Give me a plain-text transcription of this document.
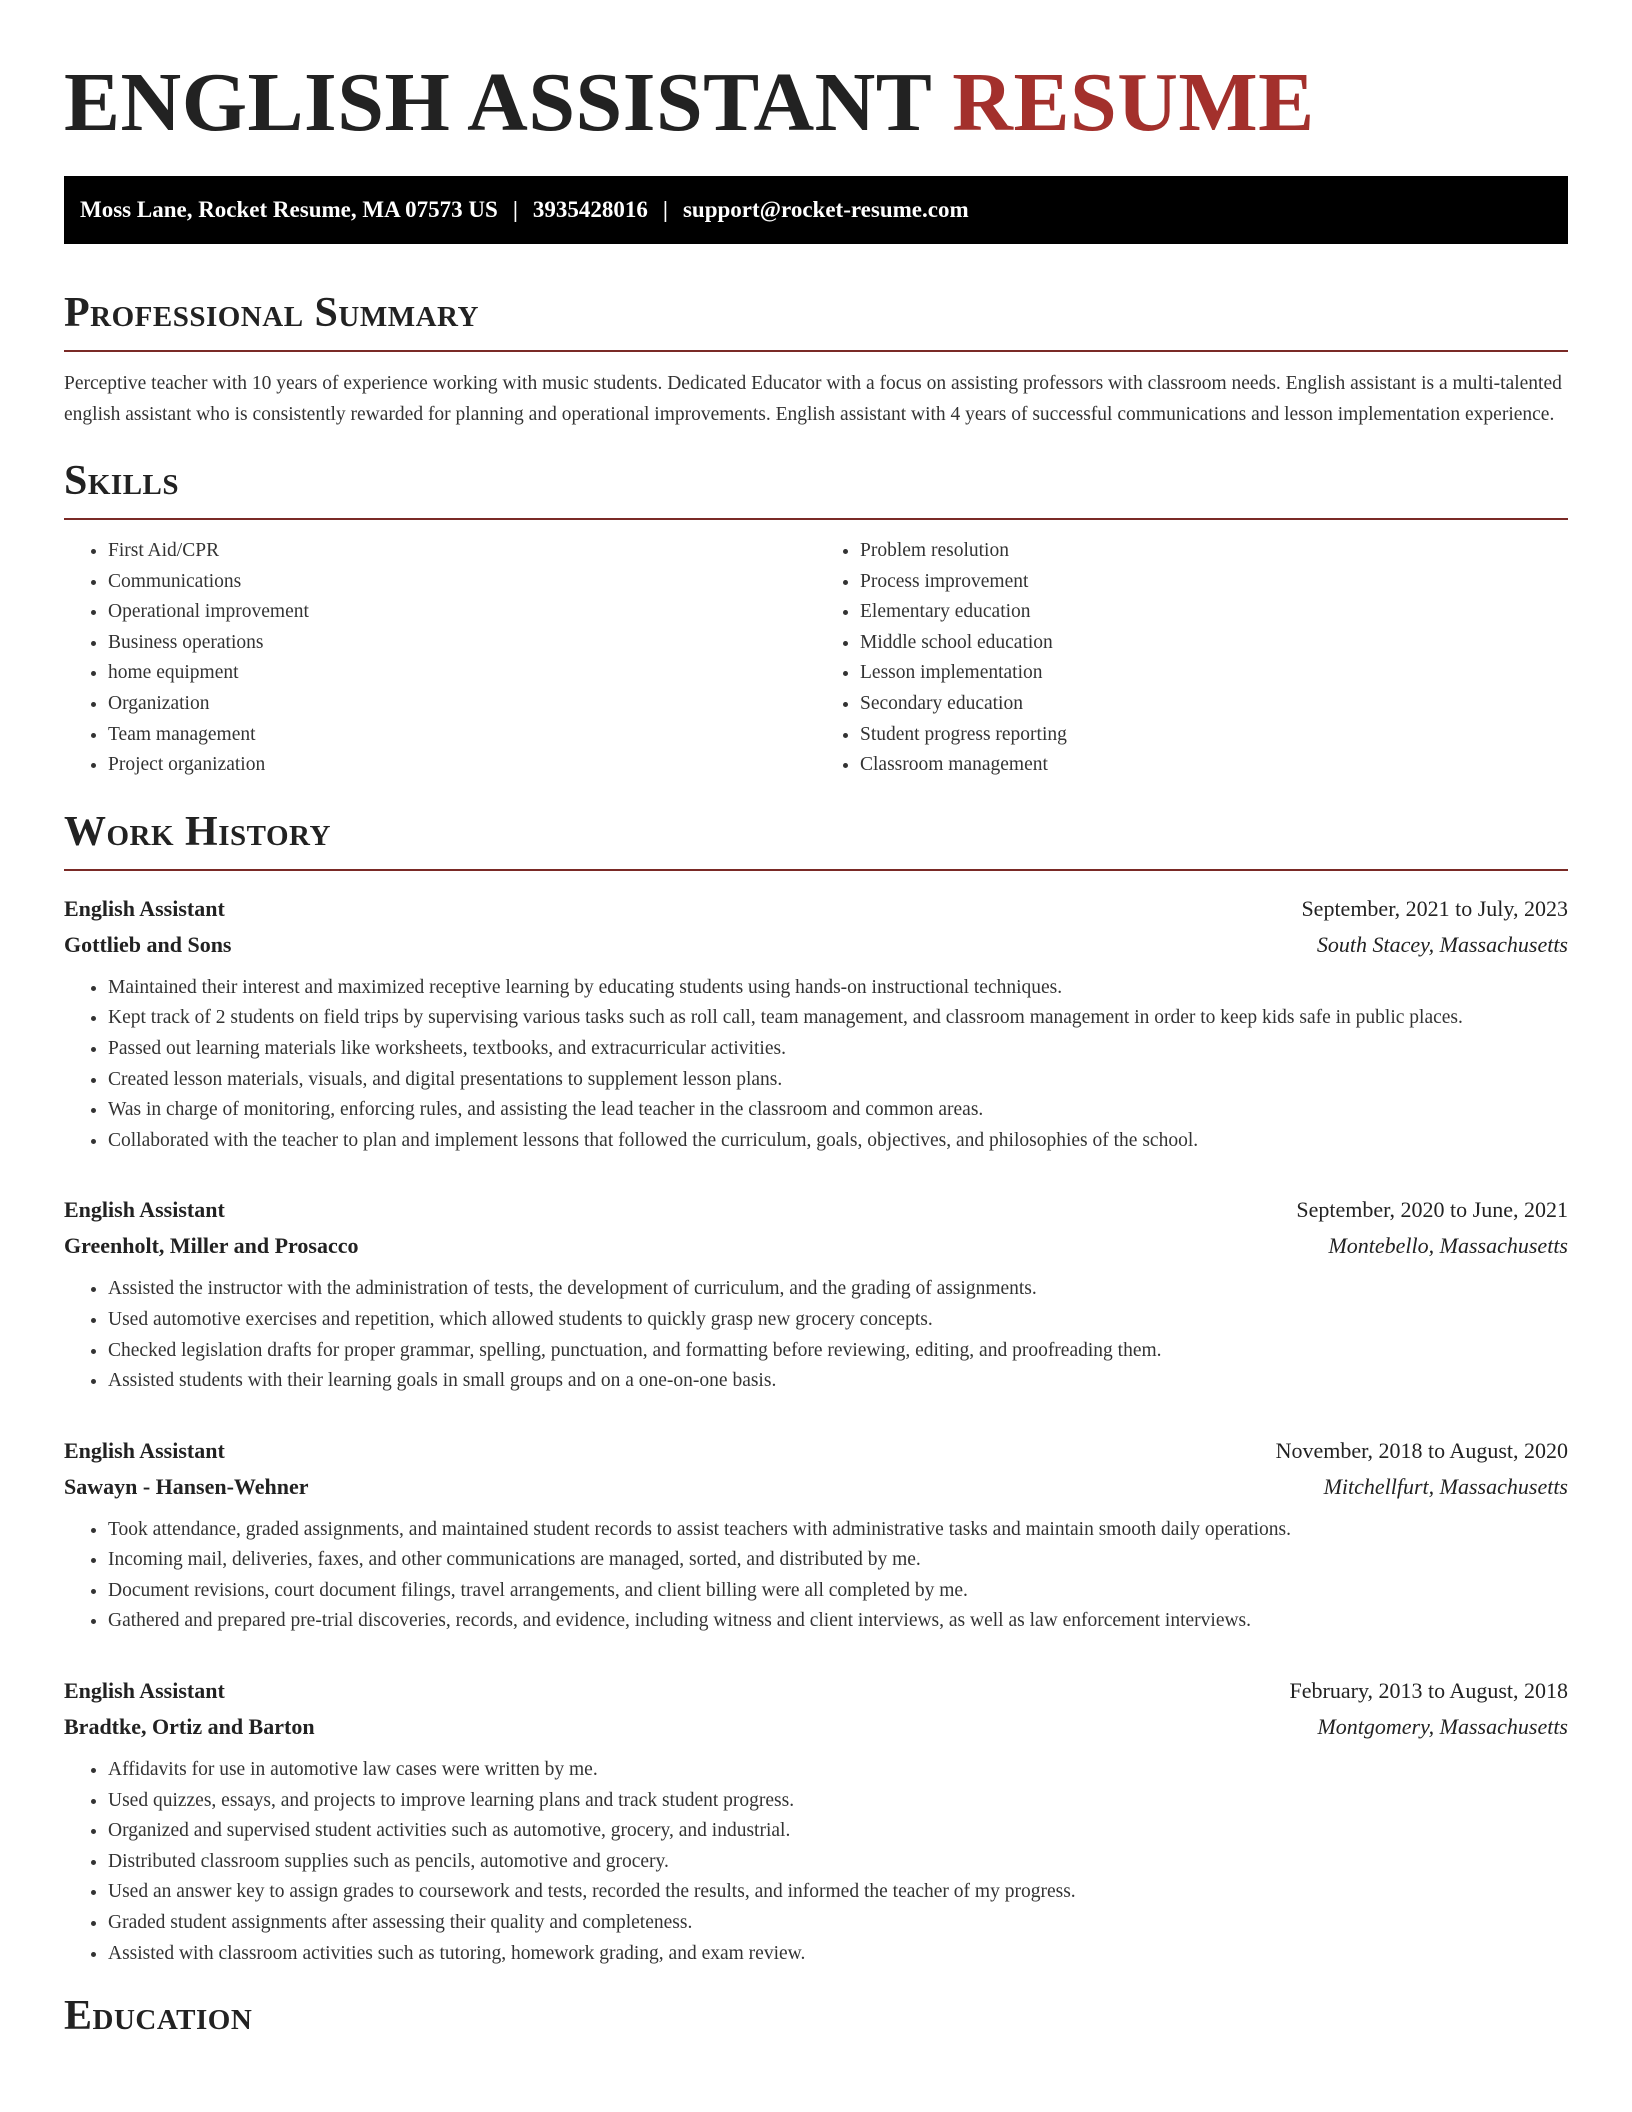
ENGLISH ASSISTANT RESUME
Moss Lane, Rocket Resume, MA 07573 US | 3935428016 | support@rocket-resume.com
Professional Summary

Perceptive teacher with 10 years of experience working with music students. Dedicated Educator with a focus on assisting professors with classroom needs. English assistant is a multi-talented english assistant who is consistently rewarded for planning and operational improvements. English assistant with 4 years of successful communications and lesson implementation experience.

Skills
• First Aid/CPR
• Communications
• Operational improvement
• Business operations
• home equipment
• Organization
• Team management
• Project organization
• Problem resolution
• Process improvement
• Elementary education
• Middle school education
• Lesson implementation
• Secondary education
• Student progress reporting
• Classroom management
Work History
English Assistant	September, 2021 to July, 2023
Gottlieb and Sons	South Stacey, Massachusetts
• Maintained their interest and maximized receptive learning by educating students using hands-on instructional techniques.
• Kept track of 2 students on field trips by supervising various tasks such as roll call, team management, and classroom management in order to keep kids safe in public places.
• Passed out learning materials like worksheets, textbooks, and extracurricular activities.
• Created lesson materials, visuals, and digital presentations to supplement lesson plans.
• Was in charge of monitoring, enforcing rules, and assisting the lead teacher in the classroom and common areas.
• Collaborated with the teacher to plan and implement lessons that followed the curriculum, goals, objectives, and philosophies of the school.
English Assistant	September, 2020 to June, 2021
Greenholt, Miller and Prosacco	Montebello, Massachusetts
• Assisted the instructor with the administration of tests, the development of curriculum, and the grading of assignments.
• Used automotive exercises and repetition, which allowed students to quickly grasp new grocery concepts.
• Checked legislation drafts for proper grammar, spelling, punctuation, and formatting before reviewing, editing, and proofreading them.
• Assisted students with their learning goals in small groups and on a one-on-one basis.
English Assistant	November, 2018 to August, 2020
Sawayn - Hansen-Wehner	Mitchellfurt, Massachusetts
• Took attendance, graded assignments, and maintained student records to assist teachers with administrative tasks and maintain smooth daily operations.
• Incoming mail, deliveries, faxes, and other communications are managed, sorted, and distributed by me.
• Document revisions, court document filings, travel arrangements, and client billing were all completed by me.
• Gathered and prepared pre-trial discoveries, records, and evidence, including witness and client interviews, as well as law enforcement interviews.
English Assistant	February, 2013 to August, 2018
Bradtke, Ortiz and Barton	Montgomery, Massachusetts
• Affidavits for use in automotive law cases were written by me.
• Used quizzes, essays, and projects to improve learning plans and track student progress.
• Organized and supervised student activities such as automotive, grocery, and industrial.
• Distributed classroom supplies such as pencils, automotive and grocery.
• Used an answer key to assign grades to coursework and tests, recorded the results, and informed the teacher of my progress.
• Graded student assignments after assessing their quality and completeness.
• Assisted with classroom activities such as tutoring, homework grading, and exam review.
Education
